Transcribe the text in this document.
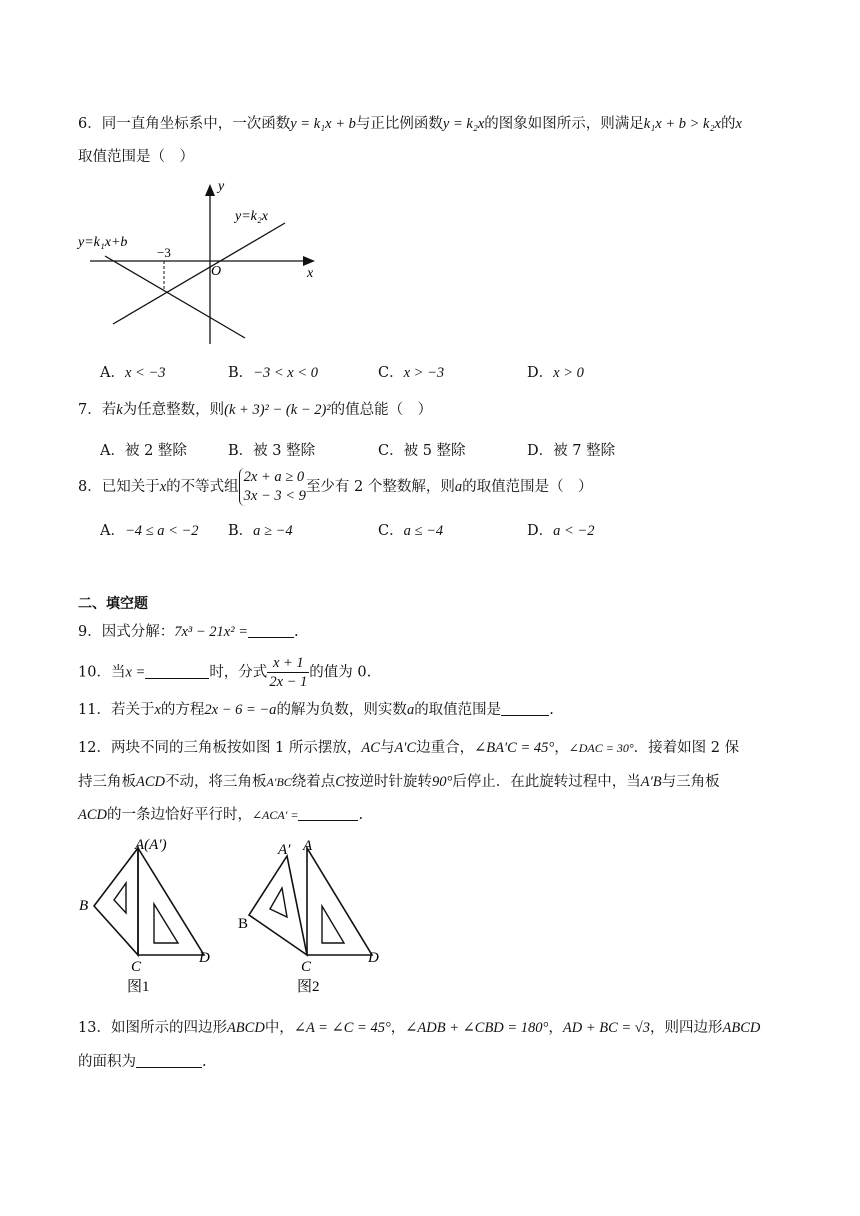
6．同一直角坐标系中，一次函数y = k₁x + b与正比例函数y = k₂x的图象如图所示，则满足k₁x + b > k₂x的x
取值范围是（　）
y
x
O
−3
y=k₁x+b
y=k₂x
A．x < −3	B．−3 < x < 0	C．x > −3	D．x > 0
7．若k为任意整数，则(k + 3)² − (k − 2)²的值总能（　）
A．被 2 整除	B．被 3 整除	C．被 5 整除	D．被 7 整除
8．已知关于x的不等式组
2x + a ≥ 0
3x − 3 < 9
至少有 2 个整数解，则a的取值范围是（　）
A．−4 ≤ a < −2 B．a ≥ −4	C．a ≤ −4	D．a < −2
二、填空题
9．因式分解：7x³ − 21x² =	.
10．当x =	时，分式 $\frac{x + 1}{2x - 1}$ 的值为 0.
11．若关于x的方程2x − 6 = −a的解为负数，则实数a的取值范围是	.
12．两块不同的三角板按如图 1 所示摆放，AC与A′C边重合，∠BA′C = 45°，∠DAC = 30°．接着如图 2 保
持三角板ACD不动，将三角板A′BC绕着点C按逆时针旋转90°后停止．在此旋转过程中，当A′B与三角板
ACD的一条边恰好平行时，∠ACA′ =	.
A(A′)
B
C
D
图1
A′ A
B
C
D
图2
13．如图所示的四边形ABCD中，∠A = ∠C = 45°，∠ADB + ∠CBD = 180°，AD + BC = √3，则四边形ABCD
的面积为	.
